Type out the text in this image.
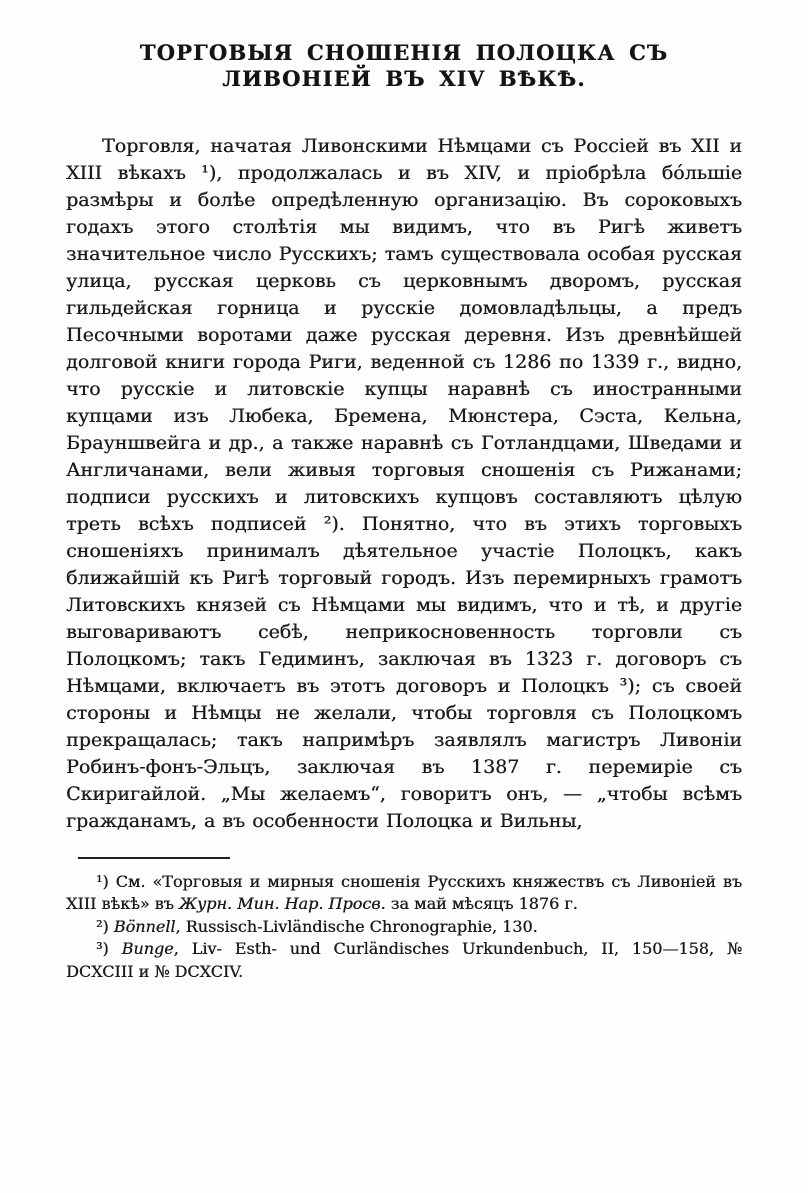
ТОРГОВЫЯ СНОШЕНІЯ ПОЛОЦКА СЪ ЛИВОНІЕЙ ВЪ XIV ВѢКѢ.

Торговля, начатая Ливонскими Нѣмцами съ Россіей въ XII и XIII вѣкахъ ¹), продолжалась и въ XIV, и пріобрѣла бо́льшіе размѣры и болѣе опредѣленную организацію. Въ сороковыхъ годахъ этого столѣтія мы видимъ, что въ Ригѣ живетъ значительное число Русскихъ; тамъ существовала особая русская улица, русская церковь съ церковнымъ дворомъ, русская гильдейская горница и русскіе домовладѣльцы, а предъ Песочными воротами даже русская деревня. Изъ древнѣйшей долговой книги города Риги, веденной съ 1286 по 1339 г., видно, что русскіе и литовскіе купцы наравнѣ съ иностранными купцами изъ Любека, Бремена, Мюнстера, Сэста, Кельна, Брауншвейга и др., а также наравнѣ съ Готландцами, Шведами и Англичанами, вели живыя торговыя сношенія съ Рижанами; подписи русскихъ и литовскихъ купцовъ составляютъ цѣлую треть всѣхъ подписей ²). Понятно, что въ этихъ торговыхъ сношеніяхъ принималъ дѣятельное участіе Полоцкъ, какъ ближайшій къ Ригѣ торговый городъ. Изъ перемирныхъ грамотъ Литовскихъ князей съ Нѣмцами мы видимъ, что и тѣ, и другіе выговариваютъ себѣ, неприкосновенность торговли съ Полоцкомъ; такъ Гедиминъ, заключая въ 1323 г. договоръ съ Нѣмцами, включаетъ въ этотъ договоръ и Полоцкъ ³); съ своей стороны и Нѣмцы не желали, чтобы торговля съ Полоцкомъ прекращалась; такъ напримѣръ заявлялъ магистръ Ливоніи Робинъ-фонъ-Эльцъ, заключая въ 1387 г. перемиріе съ Скиригайлой. „Мы желаемъ“, говоритъ онъ, — „чтобы всѣмъ гражданамъ, а въ особенности Полоцка и Вильны,

¹) См. «Торговыя и мирныя сношенія Русскихъ княжествъ съ Ливоніей въ XIII вѣкѣ» въ Журн. Мин. Нар. Просв. за май мѣсяцъ 1876 г.

²) Bönnell, Russisch-Livländische Chronographie, 130.

³) Bunge, Liv- Esth- und Curländisches Urkundenbuch, II, 150—158, № DCXCIII и № DCXCIV.
